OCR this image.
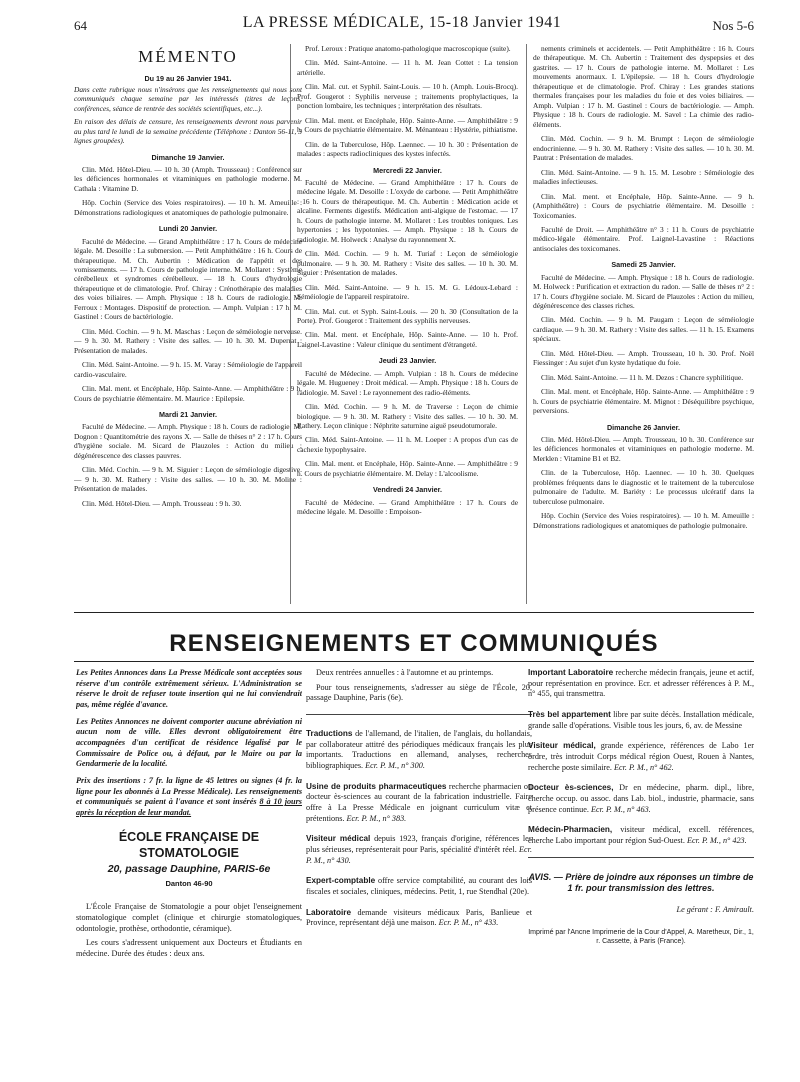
64	LA PRESSE MÉDICALE, 15-18 Janvier 1941	Nos 5-6
MÉMENTO
Du 19 au 26 Janvier 1941.

Dans cette rubrique nous n'insérons que les renseignements qui nous sont communiqués chaque semaine par les intéressés (titres de leçons, conférences, séance de rentrée des sociétés scientifiques, etc...).

En raison des délais de censure, les renseignements devront nous parvenir au plus tard le lundi de la semaine précédente (Téléphone : Danton 56-11, 3 lignes groupées).

Dimanche 19 Janvier.

Clin. Méd. Hôtel-Dieu. — 10 h. 30 (Amph. Trousseau) : Conférence sur les déficiences hormonales et vitaminiques en pathologie moderne. M. Cathala : Vitamine D.

Hôp. Cochin (Service des Voies respiratoires). — 10 h. M. Ameuille : Démonstrations radiologiques et anatomiques de pathologie pulmonaire.

Lundi 20 Janvier.

Faculté de Médecine. — Grand Amphithéâtre : 17 h. Cours de médecine légale. M. Desoille : La submersion. — Petit Amphithéâtre : 16 h. Cours de thérapeutique. M. Ch. Aubertin : Médication de l'appétit et des vomissements. — 17 h. Cours de pathologie interne. M. Mollaret : Système cérébelleux et syndromes cérébelleux. — 18 h. Cours d'hydrologie thérapeutique et de climatologie. Prof. Chiray : Crénothérapie des maladies des voies biliaires. — Amph. Physique : 18 h. Cours de radiologie. M. Ferroux : Montages. Dispositif de protection. — Amph. Vulpian : 17 h. M. Gastinel : Cours de bactériologie.

Clin. Méd. Cochin. — 9 h. M. Maschas : Leçon de séméiologie nerveuse. — 9 h. 30. M. Rathery : Visite des salles. — 10 h. 30. M. Duperrat : Présentation de malades.

Clin. Méd. Saint-Antoine. — 9 h. 15. M. Varay : Séméiologie de l'appareil cardio-vasculaire.

Clin. Mal. ment. et Encéphale, Hôp. Sainte-Anne. — Amphithéâtre : 9 h. Cours de psychiatrie élémentaire. M. Maurice : Epilepsie.

Mardi 21 Janvier.

Faculté de Médecine. — Amph. Physique : 18 h. Cours de radiologie. M. Dognon : Quantitométrie des rayons X. — Salle de thèses n° 2 : 17 h. Cours d'hygiène sociale. M. Sicard de Plauzoles : Action du milieu ; dégénérescence des classes pauvres.

Clin. Méd. Cochin. — 9 h. M. Siguier : Leçon de séméiologie digestive. — 9 h. 30. M. Rathery : Visite des salles. — 10 h. 30. M. Moline : Présentation de malades.

Clin. Méd. Hôtel-Dieu. — Amph. Trousseau : 9 h. 30.

Prof. Leroux : Pratique anatomo-pathologique macroscopique (suite).

Clin. Méd. Saint-Antoine. — 11 h. M. Jean Cottet : La tension artérielle.

Clin. Mal. cut. et Syphil. Saint-Louis. — 10 h. (Amph. Louis-Brocq). Prof. Gougerot : Syphilis nerveuse ; traitements prophylactiques, la ponction lombaire, les techniques ; interprétation des résultats.

Clin. Mal. ment. et Encéphale, Hôp. Sainte-Anne. — Amphithéâtre : 9 h. Cours de psychiatrie élémentaire. M. Ménanteau : Hystérie, pithiatisme.

Clin. de la Tuberculose, Hôp. Laennec. — 10 h. 30 : Présentation de malades : aspects radiocliniques des kystes infectés.

Mercredi 22 Janvier.

Faculté de Médecine. — Grand Amphithéâtre : 17 h. Cours de médecine légale. M. Desoille : L'oxyde de carbone. — Petit Amphithéâtre : 16 h. Cours de thérapeutique. M. Ch. Aubertin : Médication acide et alcaline. Ferments digestifs. Médication anti-algique de l'estomac. — 17 h. Cours de pathologie interne. M. Mollaret : Les troubles toniques. Les hypertonies ; les hypotonies. — Amph. Physique : 18 h. Cours de radiologie. M. Holweck : Analyse du rayonnement X.

Clin. Méd. Cochin. — 9 h. M. Turiaf : Leçon de séméiologie pulmonaire. — 9 h. 30. M. Rathery : Visite des salles. — 10 h. 30. M. Siguier : Présentation de malades.

Clin. Méd. Saint-Antoine. — 9 h. 15. M. G. Lédoux-Lebard : Séméiologie de l'appareil respiratoire.

Clin. Mal. cut. et Syph. Saint-Louis. — 20 h. 30 (Consultation de la Porte). Prof. Gougerot : Traitement des syphilis nerveuses.

Clin. Mal. ment. et Encéphale, Hôp. Sainte-Anne. — 10 h. Prof. Laignel-Lavastine : Valeur clinique du sentiment d'étrangeté.

Jeudi 23 Janvier.

Faculté de Médecine. — Amph. Vulpian : 18 h. Cours de médecine légale. M. Hugueney : Droit médical. — Amph. Physique : 18 h. Cours de radiologie. M. Savel : Le rayonnement des radio-éléments.

Clin. Méd. Cochin. — 9 h. M. de Traverse : Leçon de chimie biologique. — 9 h. 30. M. Rathery : Visite des salles. — 10 h. 30. M. Rathery. Leçon clinique : Néphrite saturnine aiguë pseudotumorale.

Clin. Méd. Saint-Antoine. — 11 h. M. Loeper : A propos d'un cas de cachexie hypophysaire.

Clin. Mal. ment. et Encéphale, Hôp. Sainte-Anne. — Amphithéâtre : 9 h. Cours de psychiatrie élémentaire. M. Delay : L'alcoolisme.

Vendredi 24 Janvier.

Faculté de Médecine. — Grand Amphithéâtre : 17 h. Cours de médecine légale. M. Desoille : Empoison-

nements criminels et accidentels. — Petit Amphithéâtre : 16 h. Cours de thérapeutique. M. Ch. Aubertin : Traitement des dyspepsies et des gastrites. — 17 h. Cours de pathologie interne. M. Mollaret : Les mouvements anormaux. I. L'épilepsie. — 18 h. Cours d'hydrologie thérapeutique et de climatologie. Prof. Chiray : Les grandes stations thermales françaises pour les maladies du foie et des voies biliaires. — Amph. Vulpian : 17 h. M. Gastinel : Cours de bactériologie. — Amph. Physique : 18 h. Cours de radiologie. M. Savel : La chimie des radio-éléments.

Clin. Méd. Cochin. — 9 h. M. Brumpt : Leçon de séméiologie endocrinienne. — 9 h. 30. M. Rathery : Visite des salles. — 10 h. 30. M. Pautrat : Présentation de malades.

Clin. Méd. Saint-Antoine. — 9 h. 15. M. Lesobre : Séméiologie des maladies infectieuses.

Clin. Mal. ment. et Encéphale, Hôp. Sainte-Anne. — 9 h. (Amphithéâtre) : Cours de psychiatrie élémentaire. M. Desoille : Toxicomanies.

Faculté de Droit. — Amphithéâtre n° 3 : 11 h. Cours de psychiatrie médico-légale élémentaire. Prof. Laignel-Lavastine : Réactions antisociales des toxicomanes.

Samedi 25 Janvier.

Faculté de Médecine. — Amph. Physique : 18 h. Cours de radiologie. M. Holweck : Purification et extraction du radon. — Salle de thèses n° 2 : 17 h. Cours d'hygiène sociale. M. Sicard de Plauzoles : Action du milieu, dégénérescence des classes riches.

Clin. Méd. Cochin. — 9 h. M. Paugam : Leçon de séméiologie cardiaque. — 9 h. 30. M. Rathery : Visite des salles. — 11 h. 15. Examens spéciaux.

Clin. Méd. Hôtel-Dieu. — Amph. Trousseau, 10 h. 30. Prof. Noël Fiessinger : Au sujet d'un kyste hydatique du foie.

Clin. Méd. Saint-Antoine. — 11 h. M. Dezos : Chancre syphilitique.

Clin. Mal. ment. et Encéphale, Hôp. Sainte-Anne. — Amphithéâtre : 9 h. Cours de psychiatrie élémentaire. M. Mignot : Déséquilibre psychique, perversions.

Dimanche 26 Janvier.

Clin. Méd. Hôtel-Dieu. — Amph. Trousseau, 10 h. 30. Conférence sur les déficiences hormonales et vitaminiques en pathologie moderne. M. Merklen : Vitamine B1 et B2.

Clin. de la Tuberculose, Hôp. Laennec. — 10 h. 30. Quelques problèmes fréquents dans le diagnostic et le traitement de la tuberculose pulmonaire de l'adulte. M. Bariéty : Le processus ulcératif dans la tuberculose pulmonaire.

Hôp. Cochin (Service des Voies respiratoires). — 10 h. M. Ameuille : Démonstrations radiologiques et anatomiques de pathologie pulmonaire.

RENSEIGNEMENTS ET COMMUNIQUÉS

Les Petites Annonces dans La Presse Médicale sont acceptées sous réserve d'un contrôle extrêmement sérieux. L'Administration se réserve le droit de refuser toute insertion qui ne lui conviendrait pas, même réglée d'avance.

Les Petites Annonces ne doivent comporter aucune abréviation ni aucun nom de ville. Elles devront obligatoirement être accompagnées d'un certificat de résidence légalisé par le Commissaire de Police ou, à défaut, par le Maire ou par la Gendarmerie de la localité.

Prix des insertions : 7 fr. la ligne de 45 lettres ou signes (4 fr. la ligne pour les abonnés à La Presse Médicale). Les renseignements et communiqués se paient à l'avance et sont insérés 8 à 10 jours après la réception de leur mandat.

ÉCOLE FRANÇAISE DE STOMATOLOGIE
20, passage Dauphine, PARIS-6e
Danton 46-90

L'École Française de Stomatologie a pour objet l'enseignement stomatologique complet (clinique et chirurgie stomatologiques, odontologie, prothèse, orthodontie, céramique).

Les cours s'adressent uniquement aux Docteurs et Étudiants en médecine. Durée des études : deux ans.

Deux rentrées annuelles : à l'automne et au printemps.

Pour tous renseignements, s'adresser au siège de l'École, 20, passage Dauphine, Paris (6e).

Traductions de l'allemand, de l'italien, de l'anglais, du hollandais, par collaborateur attitré des périodiques médicaux français les plus importants. Traductions en allemand, analyses, recherches bibliographiques. Ecr. P. M., n° 300.

Usine de produits pharmaceutiques recherche pharmacien ou docteur ès-sciences au courant de la fabrication industrielle. Faire offre à La Presse Médicale en joignant curriculum vitæ et prétentions. Ecr. P. M., n° 383.

Visiteur médical depuis 1923, français d'origine, références les plus sérieuses, représenterait pour Paris, spécialité d'intérêt réel. Ecr. P. M., n° 430.

Expert-comptable offre service comptabilité, au courant des lois fiscales et sociales, cliniques, médecins. Petit, 1, rue Stendhal (20e).

Laboratoire demande visiteurs médicaux Paris, Banlieue et Province, représentant déjà une maison. Ecr. P. M., n° 433.

Important Laboratoire recherche médecin français, jeune et actif, pour représentation en province. Ecr. et adresser références à P. M., n° 455, qui transmettra.

Très bel appartement libre par suite décès. Installation médicale, grande salle d'opérations. Visible tous les jours, 6, av. de Messine

Visiteur médical, grande expérience, références de Labo 1er ordre, très introduit Corps médical région Ouest, Rouen à Nantes, recherche poste similaire. Ecr. P. M., n° 462.

Docteur ès-sciences, Dr en médecine, pharm. dipl., libre, cherche occup. ou assoc. dans Lab. biol., industrie, pharmacie, sans présence continue. Ecr. P. M., n° 463.

Médecin-Pharmacien, visiteur médical, excell. références, cherche Labo important pour région Sud-Ouest. Ecr. P. M., n° 423.

AVIS. — Prière de joindre aux réponses un timbre de 1 fr. pour transmission des lettres.

Le gérant : F. Amirault.

Imprimé par l'Ancne Imprimerie de la Cour d'Appel, A. Maretheux, Dir., 1, r. Cassette, à Paris (France).
